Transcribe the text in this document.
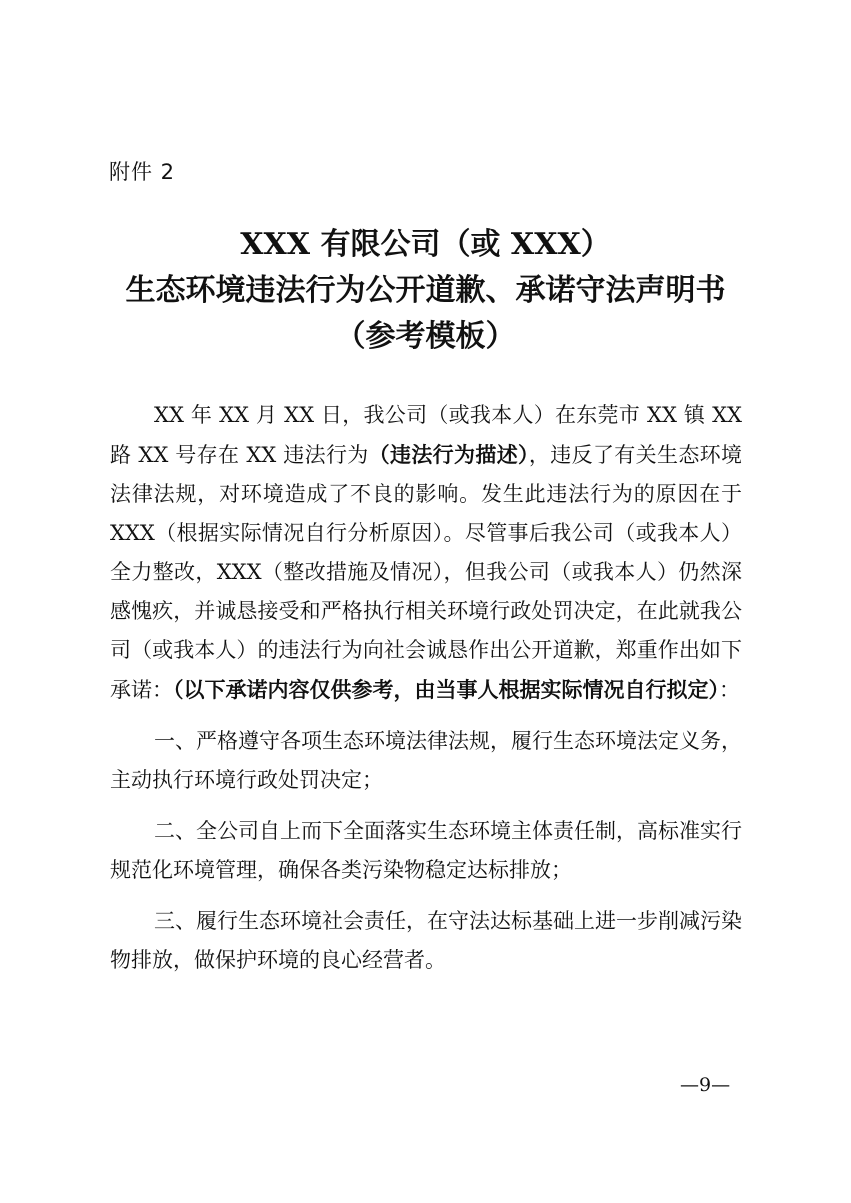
附件 2
XXX 有限公司（或 XXX）
生态环境违法行为公开道歉、承诺守法声明书
（参考模板）

XX 年 XX 月 XX 日，我公司（或我本人）在东莞市 XX 镇 XX 路 XX 号存在 XX 违法行为（违法行为描述），违反了有关生态环境法律法规，对环境造成了不良的影响。发生此违法行为的原因在于 XXX（根据实际情况自行分析原因）。尽管事后我公司（或我本人）全力整改，XXX（整改措施及情况），但我公司（或我本人）仍然深感愧疚，并诚恳接受和严格执行相关环境行政处罚决定，在此就我公司（或我本人）的违法行为向社会诚恳作出公开道歉，郑重作出如下承诺：（以下承诺内容仅供参考，由当事人根据实际情况自行拟定）：

一、严格遵守各项生态环境法律法规，履行生态环境法定义务，主动执行环境行政处罚决定；

二、全公司自上而下全面落实生态环境主体责任制，高标准实行规范化环境管理，确保各类污染物稳定达标排放；

三、履行生态环境社会责任，在守法达标基础上进一步削减污染物排放，做保护环境的良心经营者。

—9—
